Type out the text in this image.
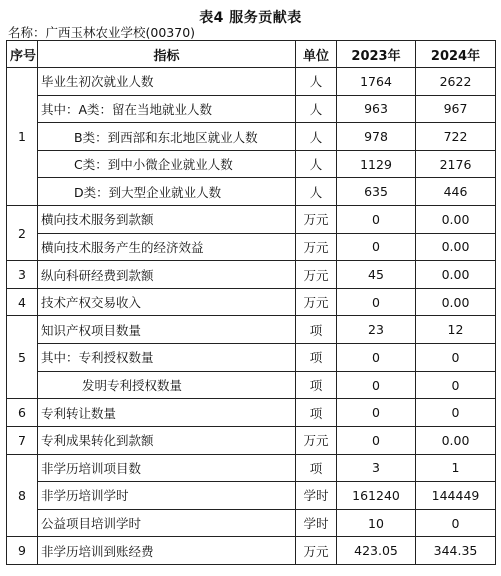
表4 服务贡献表
名称：广西玉林农业学校(00370)
序号	指标	单位	2023年	2024年
1	毕业生初次就业人数	人	1764	2622
	其中：A类：留在当地就业人数	人	963	967
	B类：到西部和东北地区就业人数	人	978	722
	C类：到中小微企业就业人数	人	1129	2176
	D类：到大型企业就业人数	人	635	446
2	横向技术服务到款额	万元	0	0.00
	横向技术服务产生的经济效益	万元	0	0.00
3	纵向科研经费到款额	万元	45	0.00
4	技术产权交易收入	万元	0	0.00
5	知识产权项目数量	项	23	12
	其中：专利授权数量	项	0	0
	发明专利授权数量	项	0	0
6	专利转让数量	项	0	0
7	专利成果转化到款额	万元	0	0.00
8	非学历培训项目数	项	3	1
	非学历培训学时	学时	161240	144449
	公益项目培训学时	学时	10	0
9	非学历培训到账经费	万元	423.05	344.35
